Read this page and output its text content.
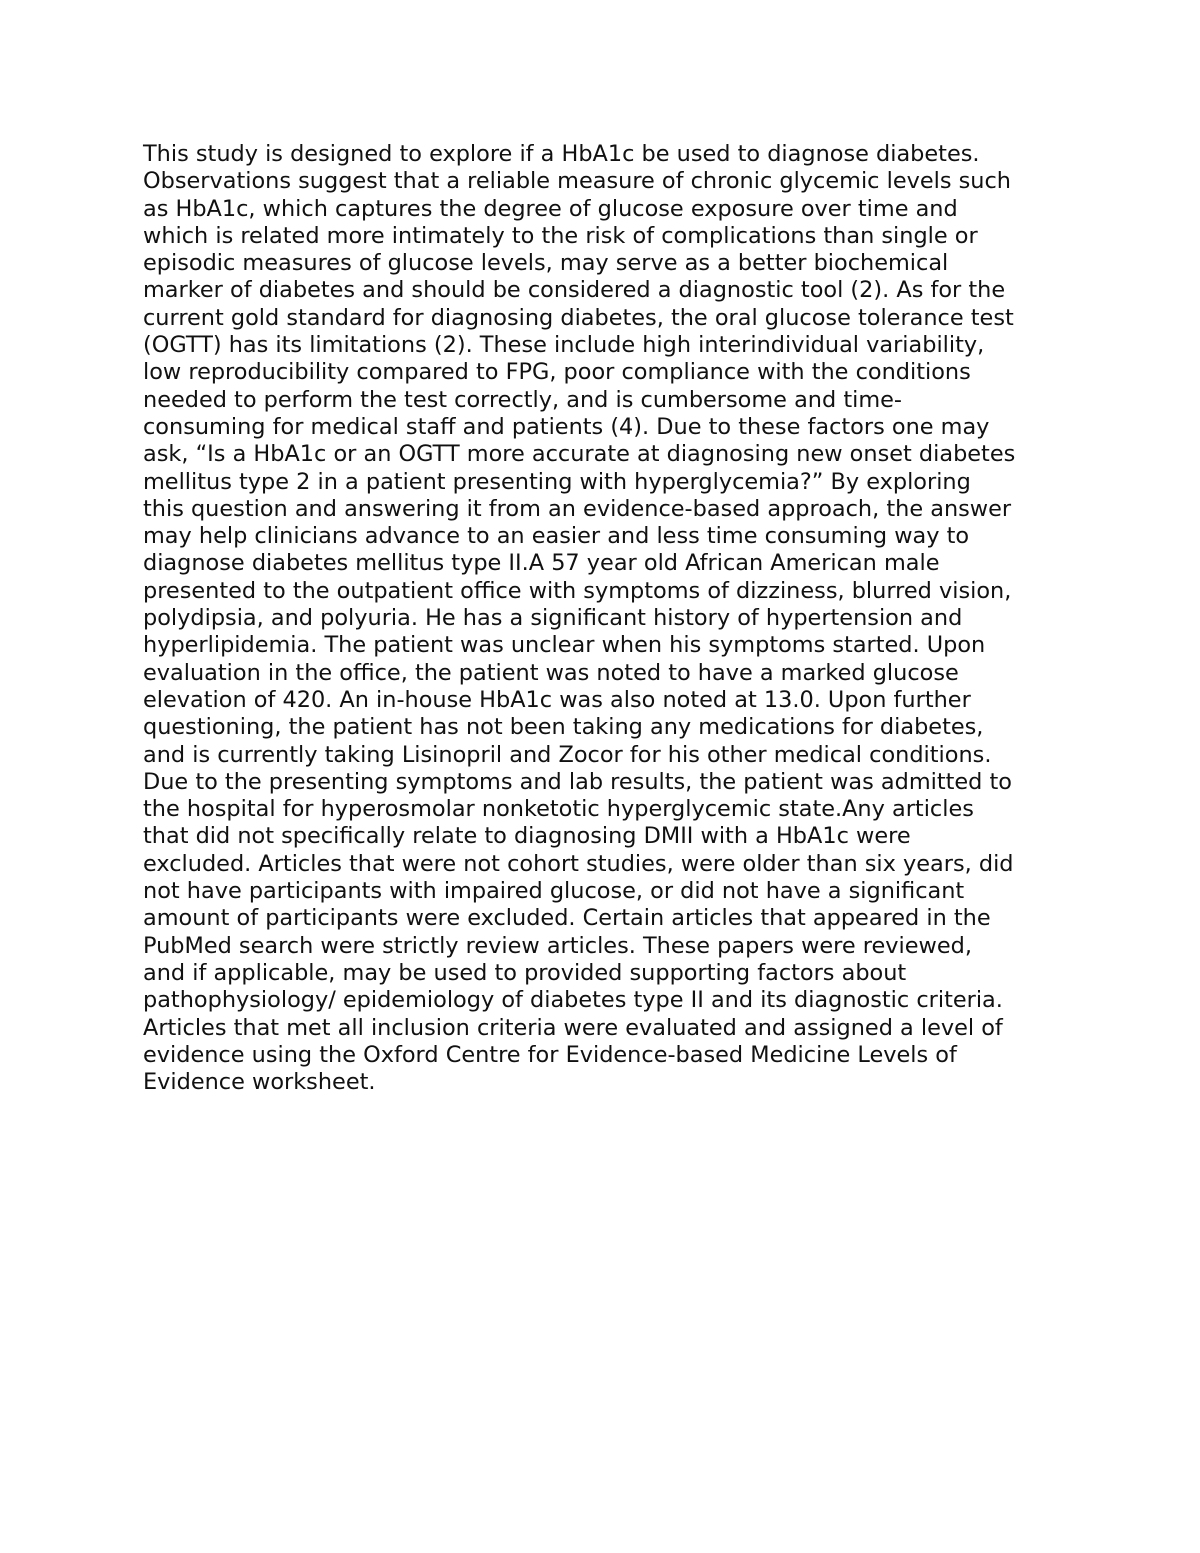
This study is designed to explore if a HbA1c be used to diagnose diabetes.
Observations suggest that a reliable measure of chronic glycemic levels such
as HbA1c, which captures the degree of glucose exposure over time and
which is related more intimately to the risk of complications than single or
episodic measures of glucose levels, may serve as a better biochemical
marker of diabetes and should be considered a diagnostic tool (2). As for the
current gold standard for diagnosing diabetes, the oral glucose tolerance test
(OGTT) has its limitations (2). These include high interindividual variability,
low reproducibility compared to FPG, poor compliance with the conditions
needed to perform the test correctly, and is cumbersome and time-
consuming for medical staff and patients (4). Due to these factors one may
ask, “Is a HbA1c or an OGTT more accurate at diagnosing new onset diabetes
mellitus type 2 in a patient presenting with hyperglycemia?” By exploring
this question and answering it from an evidence-based approach, the answer
may help clinicians advance to an easier and less time consuming way to
diagnose diabetes mellitus type II.A 57 year old African American male
presented to the outpatient office with symptoms of dizziness, blurred vision,
polydipsia, and polyuria. He has a significant history of hypertension and
hyperlipidemia. The patient was unclear when his symptoms started. Upon
evaluation in the office, the patient was noted to have a marked glucose
elevation of 420. An in-house HbA1c was also noted at 13.0. Upon further
questioning, the patient has not been taking any medications for diabetes,
and is currently taking Lisinopril and Zocor for his other medical conditions.
Due to the presenting symptoms and lab results, the patient was admitted to
the hospital for hyperosmolar nonketotic hyperglycemic state.Any articles
that did not specifically relate to diagnosing DMII with a HbA1c were
excluded. Articles that were not cohort studies, were older than six years, did
not have participants with impaired glucose, or did not have a significant
amount of participants were excluded. Certain articles that appeared in the
PubMed search were strictly review articles. These papers were reviewed,
and if applicable, may be used to provided supporting factors about
pathophysiology/ epidemiology of diabetes type II and its diagnostic criteria.
Articles that met all inclusion criteria were evaluated and assigned a level of
evidence using the Oxford Centre for Evidence-based Medicine Levels of
Evidence worksheet.
